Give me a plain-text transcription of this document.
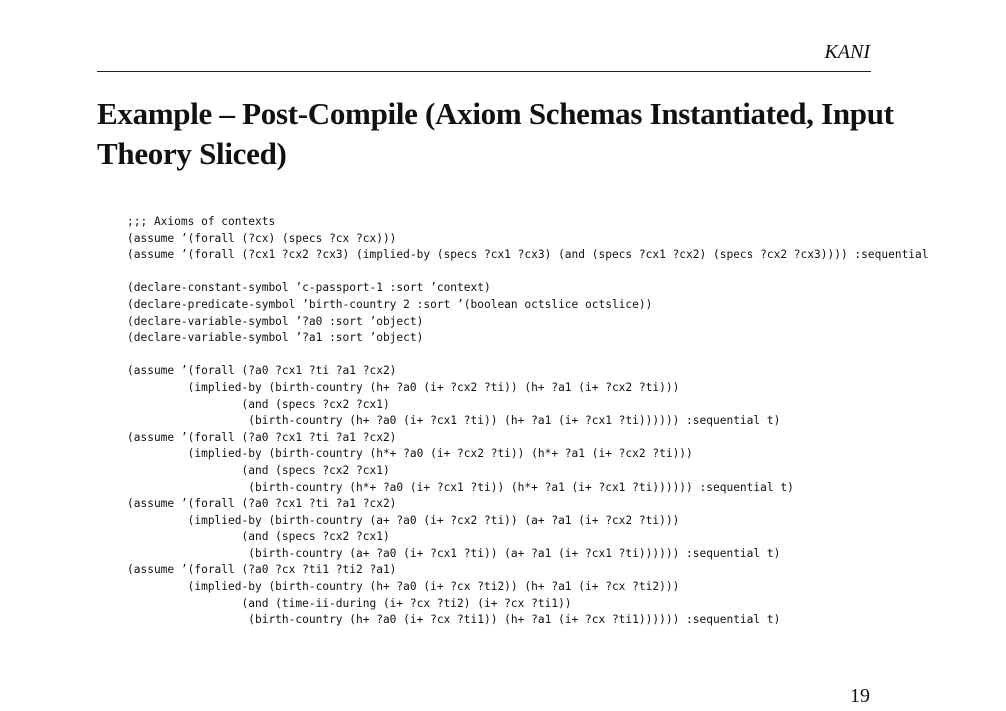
KANI
Example – Post-Compile (Axiom Schemas Instantiated, Input Theory Sliced)
;;; Axioms of contexts
(assume ’(forall (?cx) (specs ?cx ?cx)))
(assume ’(forall (?cx1 ?cx2 ?cx3) (implied-by (specs ?cx1 ?cx3) (and (specs ?cx1 ?cx2) (specs ?cx2 ?cx3)))) :sequential
(declare-constant-symbol ’c-passport-1 :sort ’context)
(declare-predicate-symbol ’birth-country 2 :sort ’(boolean octslice octslice))
(declare-variable-symbol ’?a0 :sort ’object)
(declare-variable-symbol ’?a1 :sort ’object)
(assume ’(forall (?a0 ?cx1 ?ti ?a1 ?cx2)
(implied-by (birth-country (h+ ?a0 (i+ ?cx2 ?ti)) (h+ ?a1 (i+ ?cx2 ?ti)))
(and (specs ?cx2 ?cx1)
(birth-country (h+ ?a0 (i+ ?cx1 ?ti)) (h+ ?a1 (i+ ?cx1 ?ti)))))) :sequential t)
(assume ’(forall (?a0 ?cx1 ?ti ?a1 ?cx2)
(implied-by (birth-country (h*+ ?a0 (i+ ?cx2 ?ti)) (h*+ ?a1 (i+ ?cx2 ?ti)))
(and (specs ?cx2 ?cx1)
(birth-country (h*+ ?a0 (i+ ?cx1 ?ti)) (h*+ ?a1 (i+ ?cx1 ?ti)))))) :sequential t)
(assume ’(forall (?a0 ?cx1 ?ti ?a1 ?cx2)
(implied-by (birth-country (a+ ?a0 (i+ ?cx2 ?ti)) (a+ ?a1 (i+ ?cx2 ?ti)))
(and (specs ?cx2 ?cx1)
(birth-country (a+ ?a0 (i+ ?cx1 ?ti)) (a+ ?a1 (i+ ?cx1 ?ti)))))) :sequential t)
(assume ’(forall (?a0 ?cx ?ti1 ?ti2 ?a1)
(implied-by (birth-country (h+ ?a0 (i+ ?cx ?ti2)) (h+ ?a1 (i+ ?cx ?ti2)))
(and (time-ii-during (i+ ?cx ?ti2) (i+ ?cx ?ti1))
(birth-country (h+ ?a0 (i+ ?cx ?ti1)) (h+ ?a1 (i+ ?cx ?ti1)))))) :sequential t)
19
